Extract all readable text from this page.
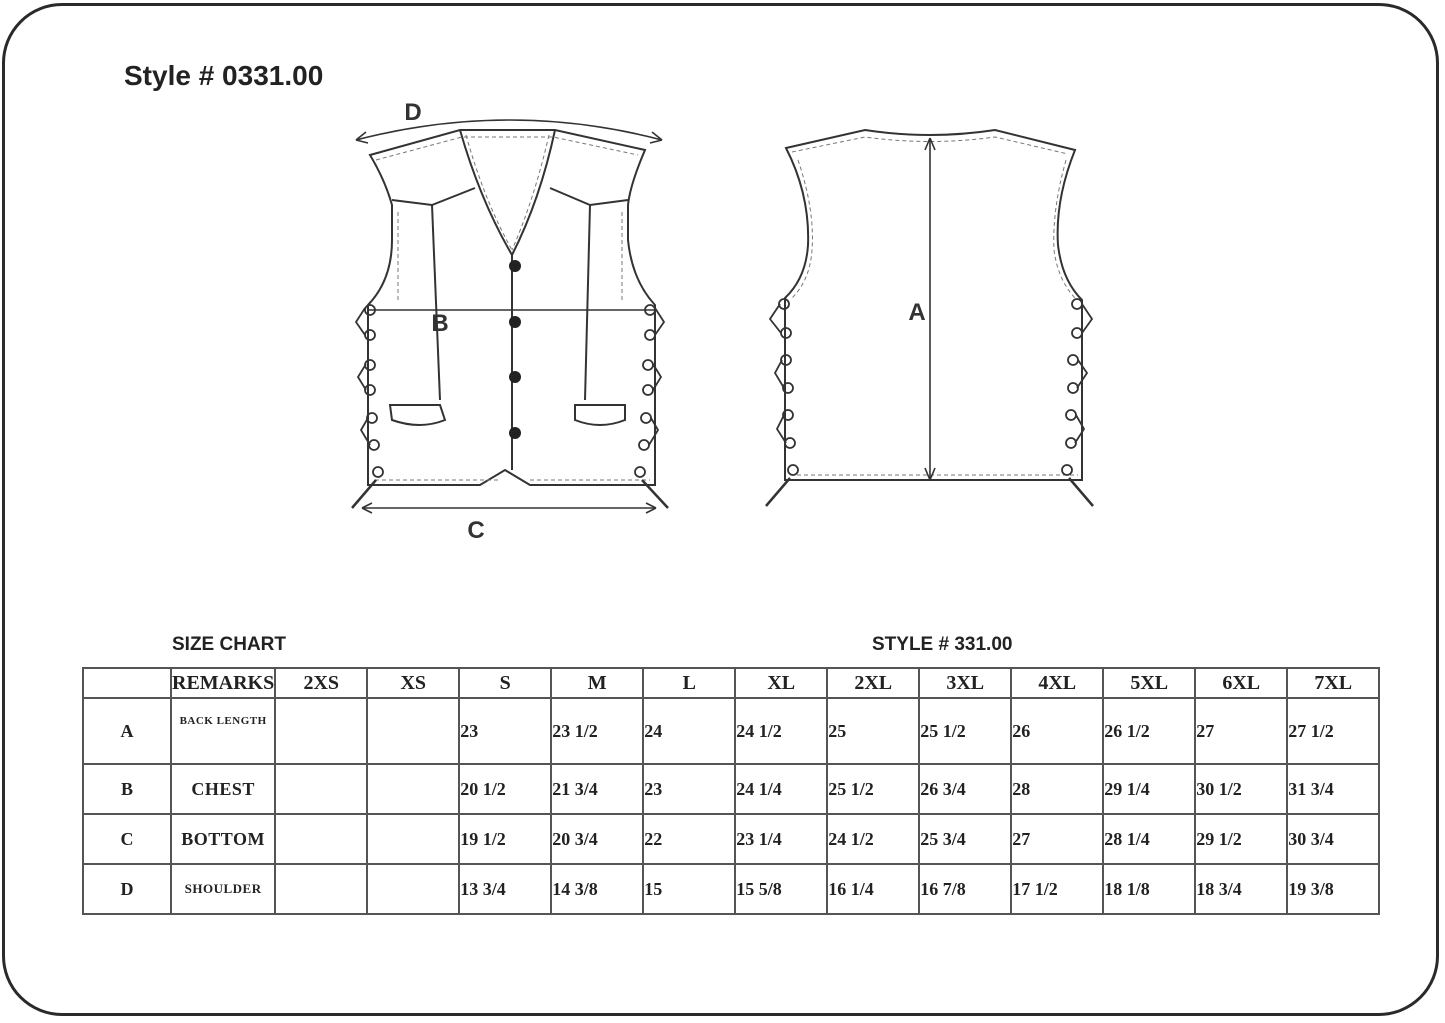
Style # 0331.00
D
B
C
A
SIZE CHART	STYLE # 331.00
	REMARKS	2XS	XS	S	M	L	XL	2XL	3XL	4XL	5XL	6XL	7XL
A	BACK LENGTH			23	23 1/2	24	24 1/2	25	25 1/2	26	26 1/2	27	27 1/2
B	CHEST			20 1/2	21 3/4	23	24 1/4	25 1/2	26 3/4	28	29 1/4	30 1/2	31 3/4
C	BOTTOM			19 1/2	20 3/4	22	23 1/4	24 1/2	25 3/4	27	28 1/4	29 1/2	30 3/4
D	SHOULDER			13 3/4	14 3/8	15	15 5/8	16 1/4	16 7/8	17 1/2	18 1/8	18 3/4	19 3/8
